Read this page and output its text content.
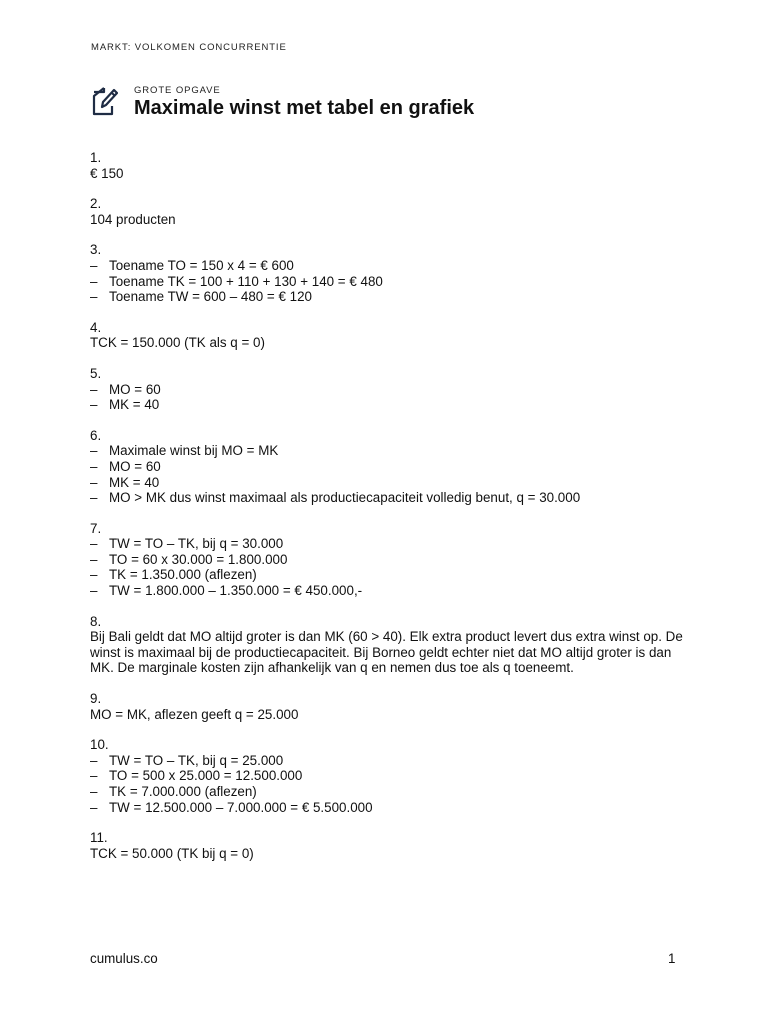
MARKT: VOLKOMEN CONCURRENTIE
GROTE OPGAVE
Maximale winst met tabel en grafiek
1.
€ 150
2.
104 producten
3.
– Toename TO = 150 x 4 = € 600
– Toename TK = 100 + 110 + 130 + 140 = € 480
– Toename TW = 600 – 480 = € 120
4.
TCK = 150.000 (TK als q = 0)
5.
– MO = 60
– MK = 40
6.
– Maximale winst bij MO = MK
– MO = 60
– MK = 40
– MO > MK dus winst maximaal als productiecapaciteit volledig benut, q = 30.000
7.
– TW = TO – TK, bij q = 30.000
– TO = 60 x 30.000 = 1.800.000
– TK = 1.350.000 (aflezen)
– TW = 1.800.000 – 1.350.000 = € 450.000,-
8.
Bij Bali geldt dat MO altijd groter is dan MK (60 > 40). Elk extra product levert dus extra winst op. De winst is maximaal bij de productiecapaciteit. Bij Borneo geldt echter niet dat MO altijd groter is dan MK. De marginale kosten zijn afhankelijk van q en nemen dus toe als q toeneemt.
9.
MO = MK, aflezen geeft q = 25.000
10.
– TW = TO – TK, bij q = 25.000
– TO = 500 x 25.000 = 12.500.000
– TK = 7.000.000 (aflezen)
– TW = 12.500.000 – 7.000.000 = € 5.500.000
11.
TCK = 50.000 (TK bij q = 0)
cumulus.co	1
